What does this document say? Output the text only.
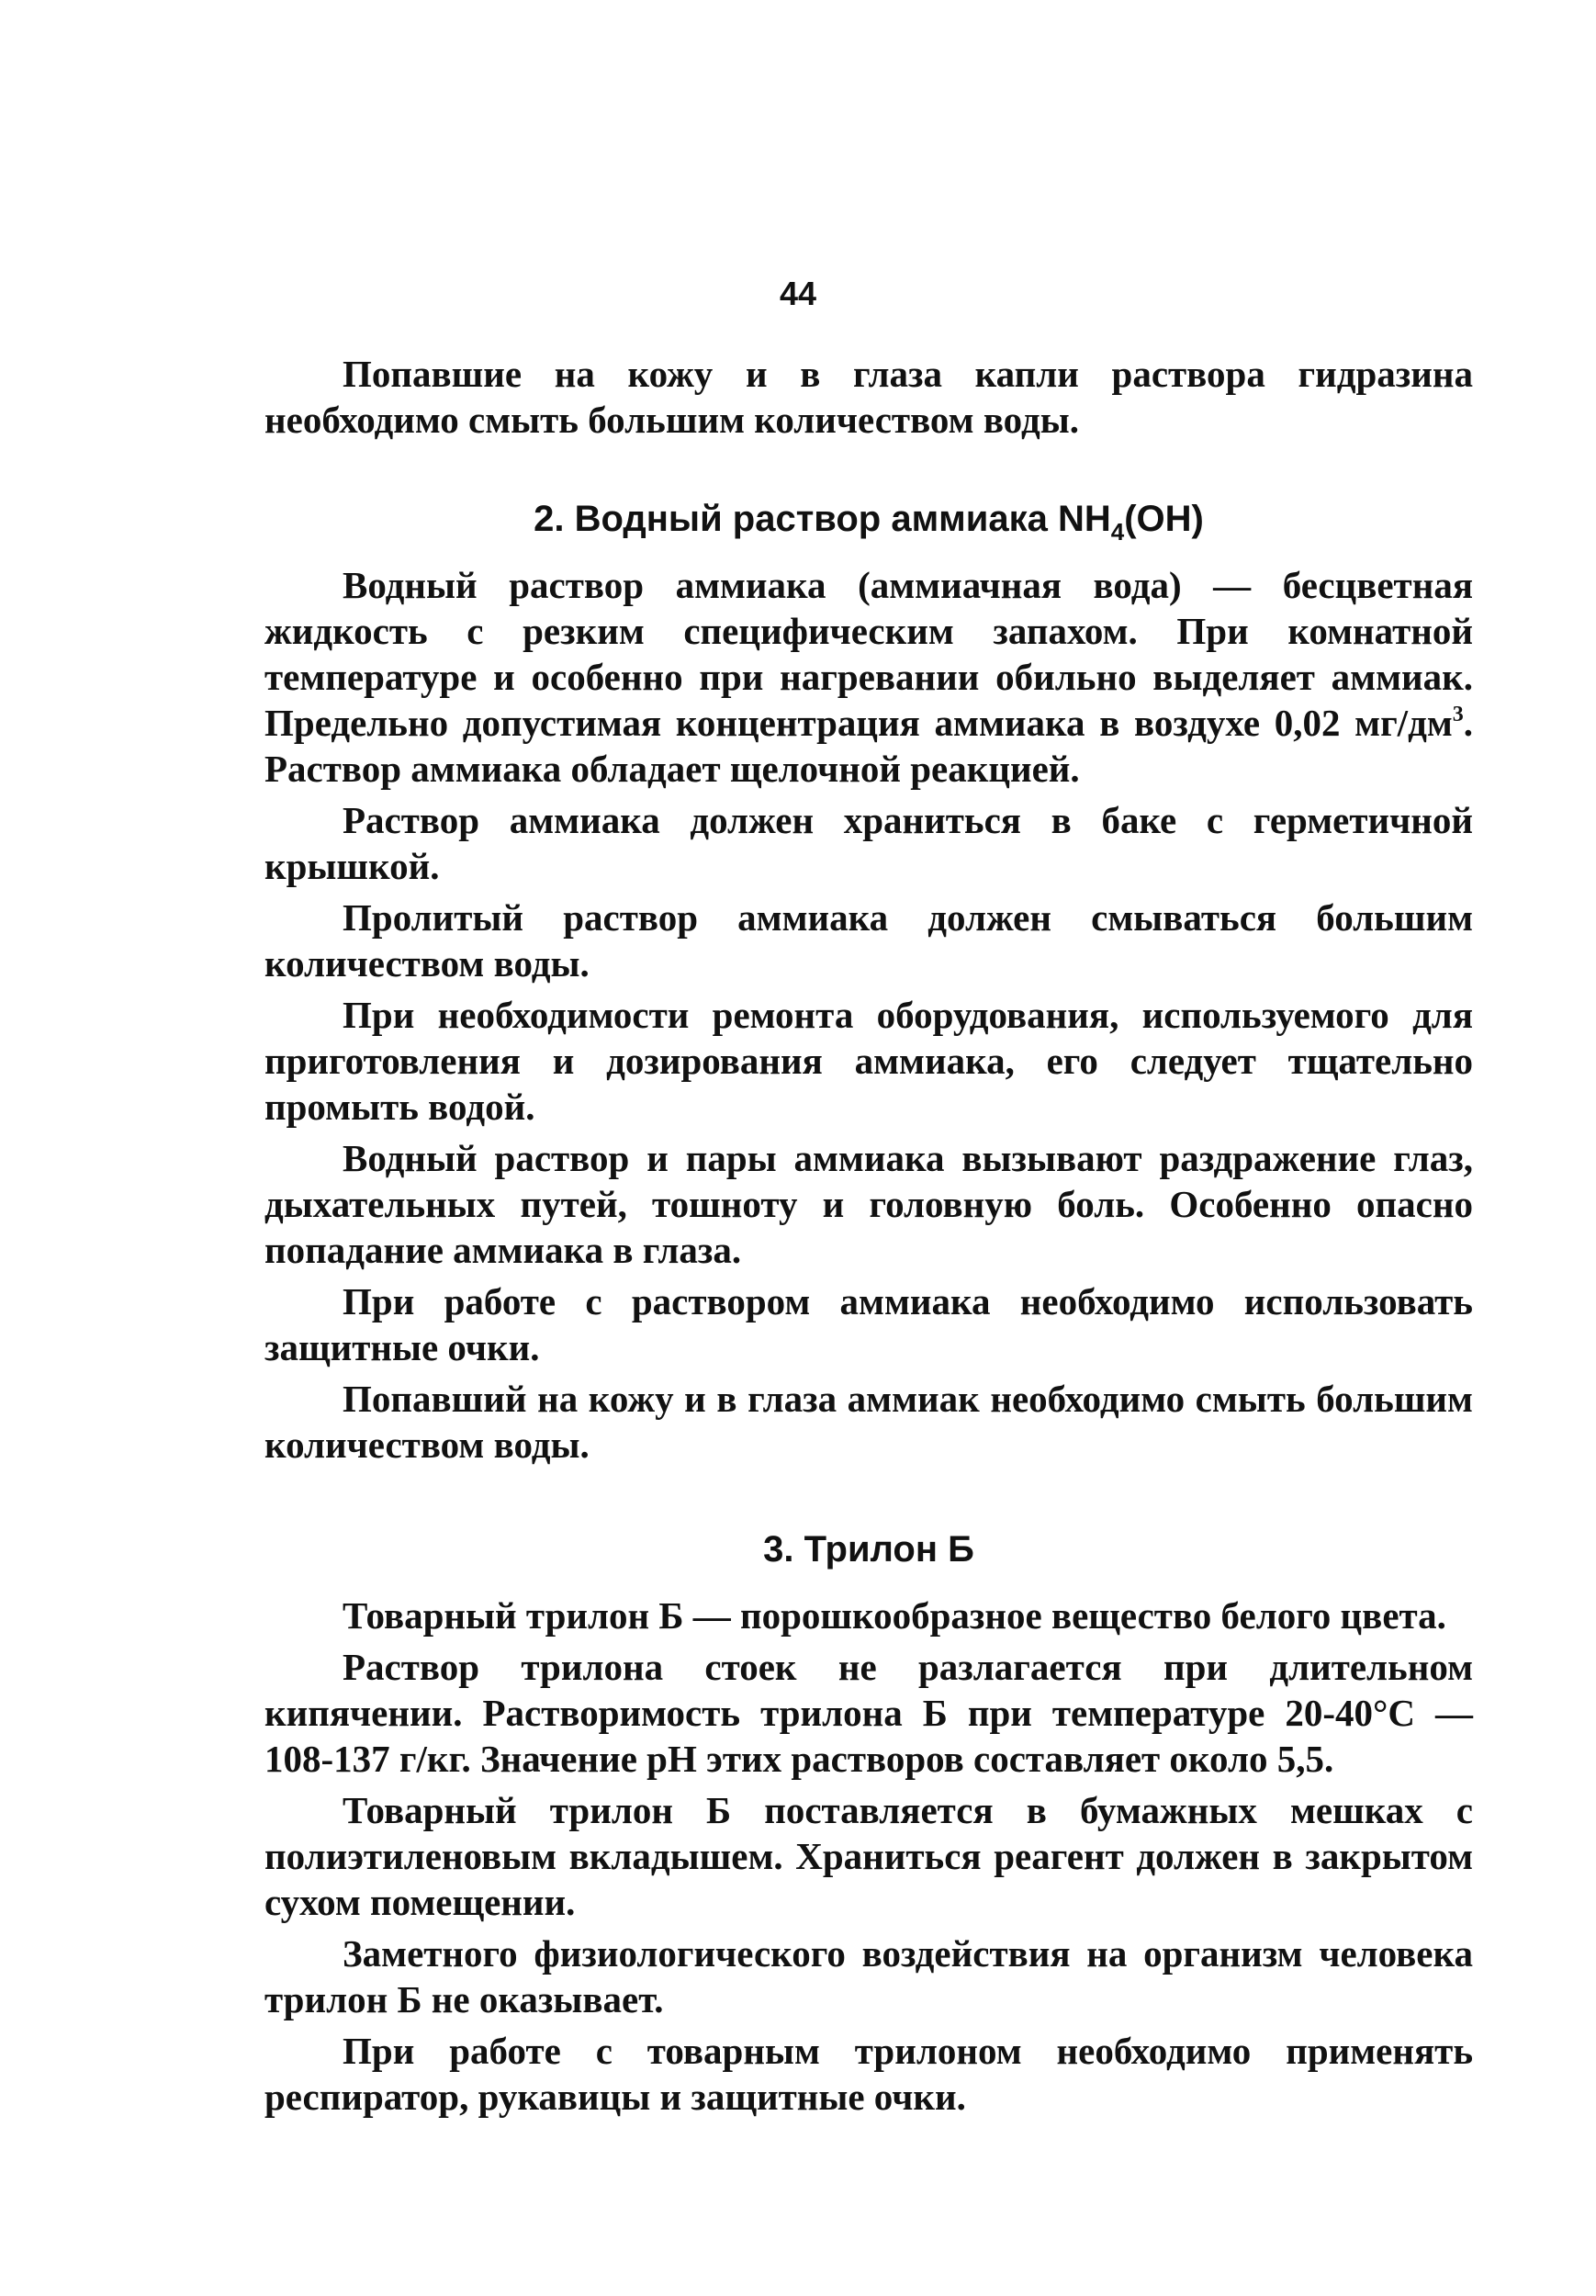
44

Попавшие на кожу и в глаза капли раствора гидразина необходимо смыть большим количеством воды.

2. Водный раствор аммиака $NH_4(OH)$

Водный раствор аммиака (аммиачная вода) — бесцветная жидкость с резким специфическим запахом. При комнатной температуре и особенно при нагревании обильно выделяет аммиак. Предельно допустимая концентрация аммиака в воздухе 0,02 $мг/дм^3$. Раствор аммиака обладает щелочной реакцией.

Раствор аммиака должен храниться в баке с герметичной крышкой.

Пролитый раствор аммиака должен смываться большим количеством воды.

При необходимости ремонта оборудования, используемого для приготовления и дозирования аммиака, его следует тщательно промыть водой.

Водный раствор и пары аммиака вызывают раздражение глаз, дыхательных путей, тошноту и головную боль. Особенно опасно попадание аммиака в глаза.

При работе с раствором аммиака необходимо использовать защитные очки.

Попавший на кожу и в глаза аммиак необходимо смыть большим количеством воды.

3. Трилон Б

Товарный трилон Б — порошкообразное вещество белого цвета.

Раствор трилона стоек не разлагается при длительном кипячении. Растворимость трилона Б при температуре 20-40°С — 108-137 г/кг. Значение pH этих растворов составляет около 5,5.

Товарный трилон Б поставляется в бумажных мешках с полиэтиленовым вкладышем. Храниться реагент должен в закрытом сухом помещении.

Заметного физиологического воздействия на организм человека трилон Б не оказывает.

При работе с товарным трилоном необходимо применять респиратор, рукавицы и защитные очки.
